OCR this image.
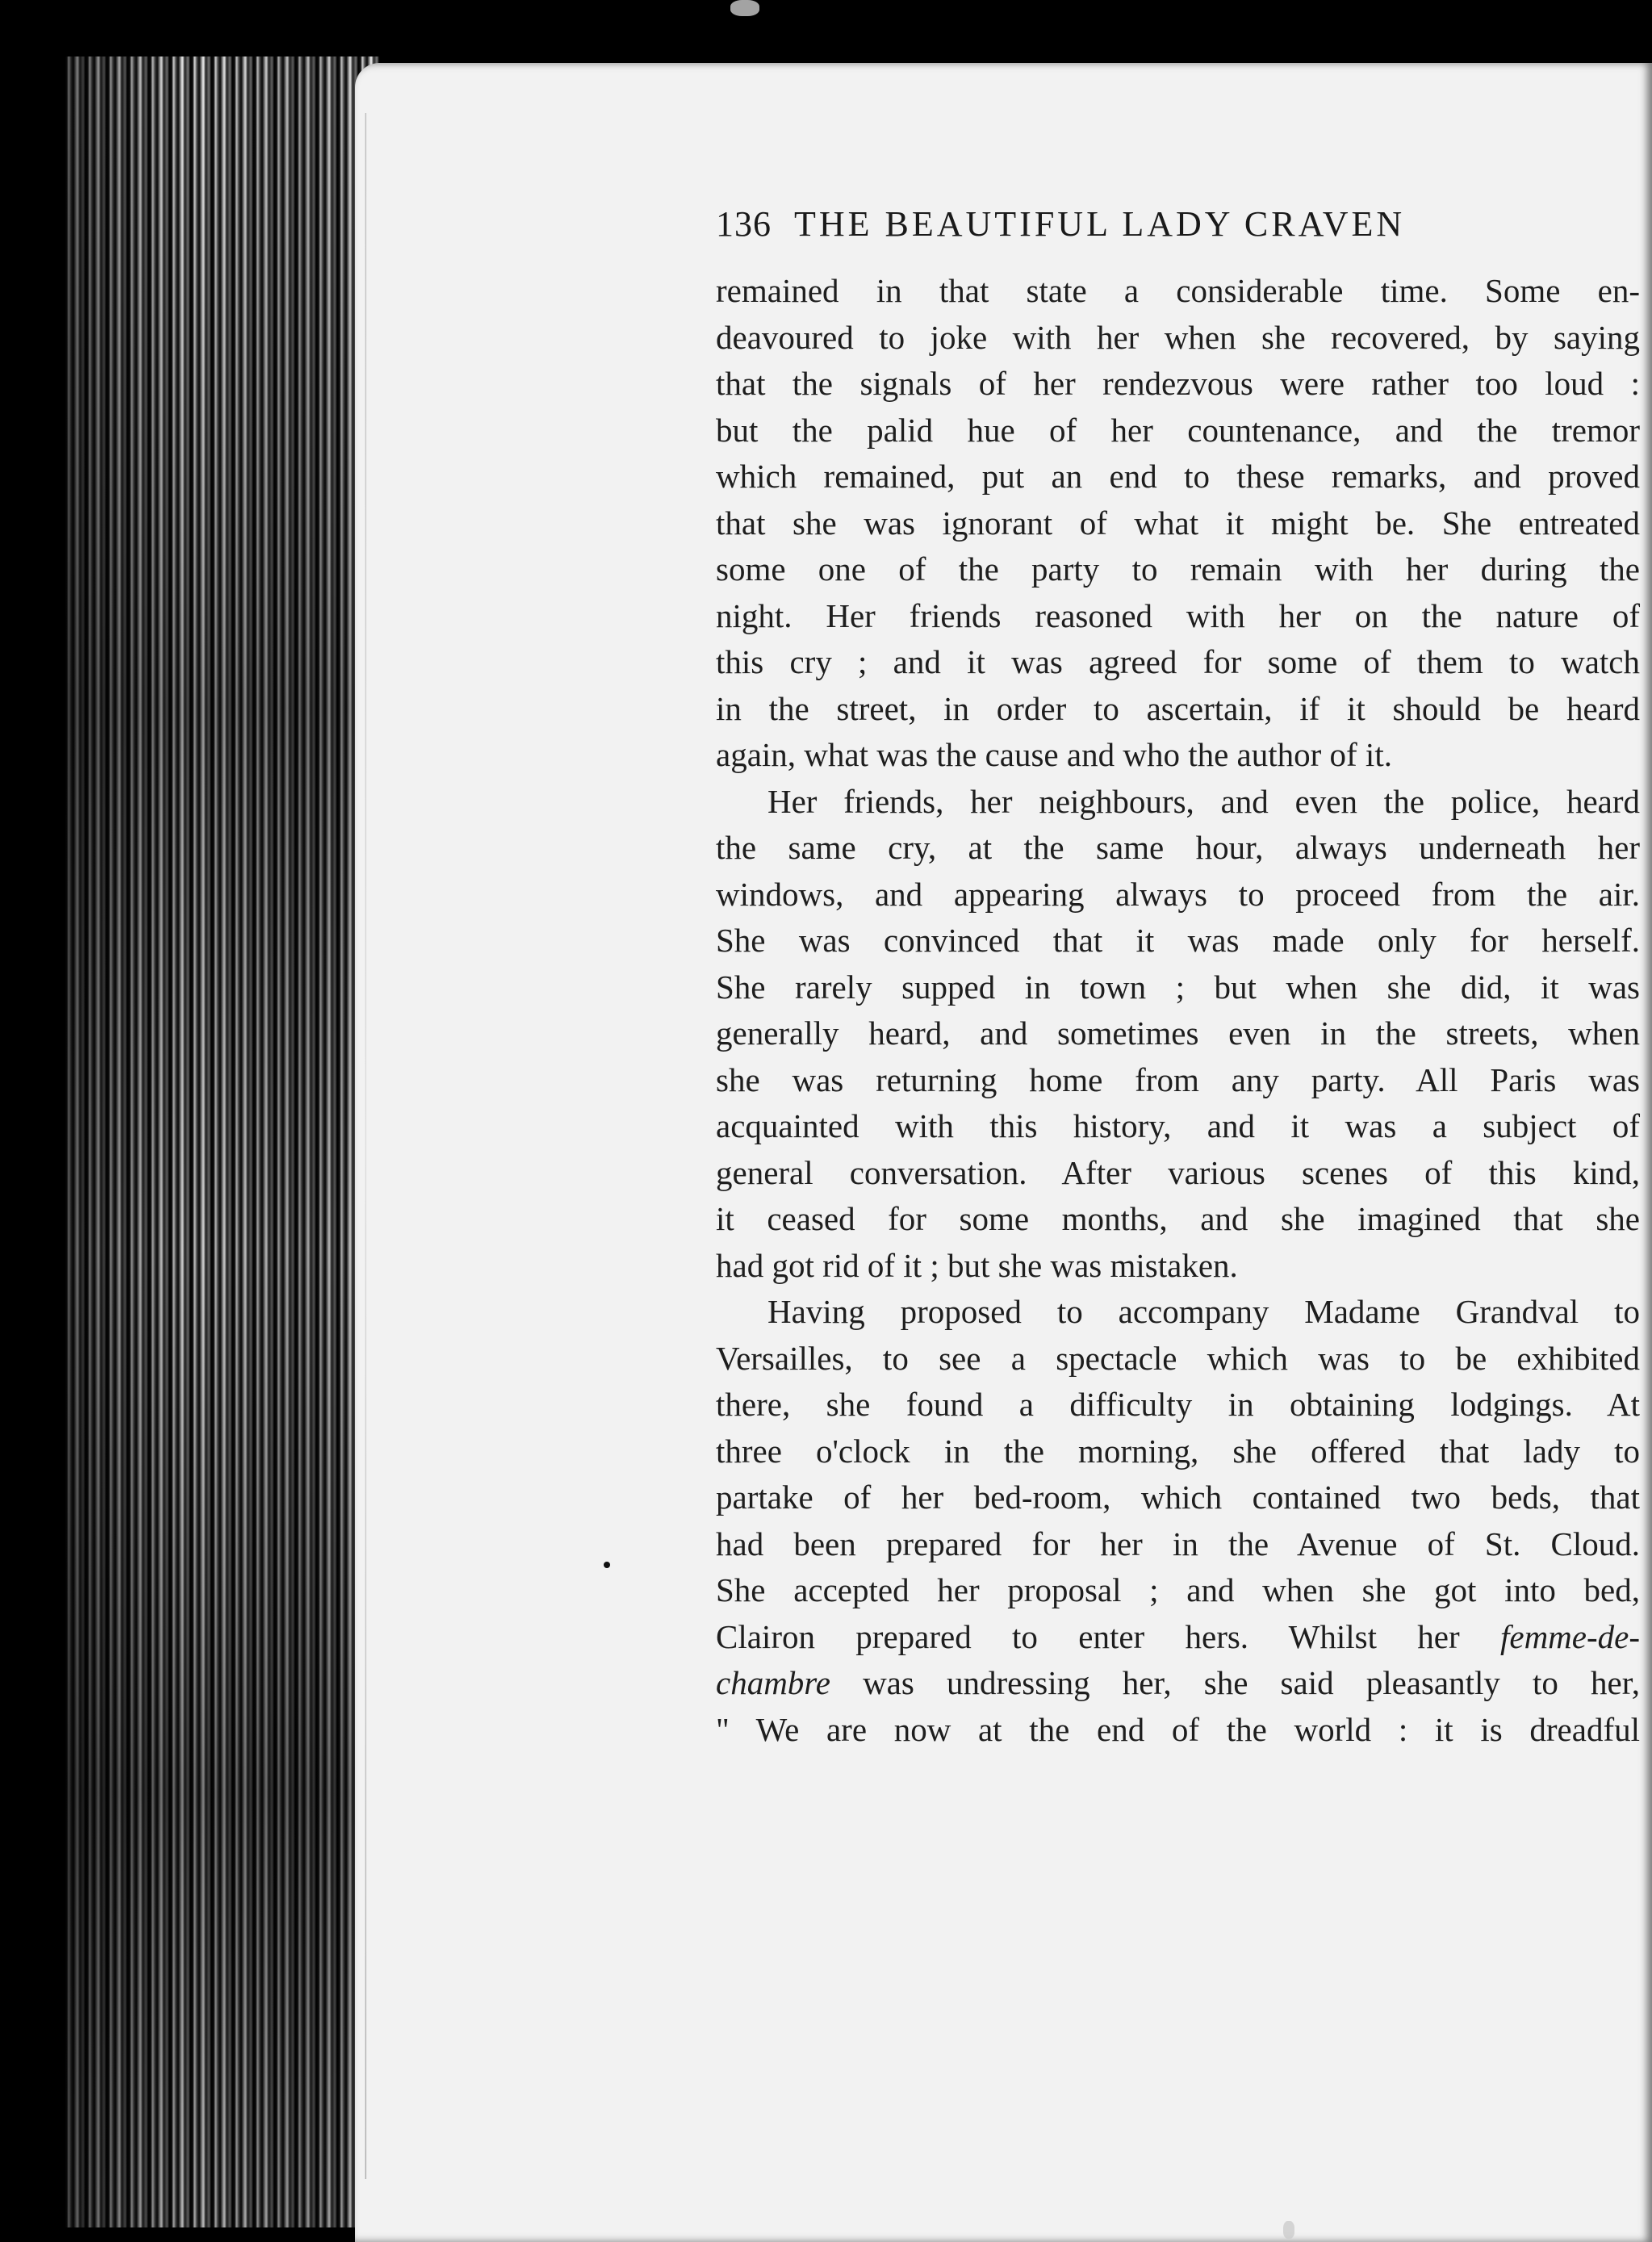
136 THE BEAUTIFUL LADY CRAVEN
remained in that state a considerable time. Some en-
deavoured to joke with her when she recovered, by saying
that the signals of her rendezvous were rather too loud :
but the palid hue of her countenance, and the tremor
which remained, put an end to these remarks, and proved
that she was ignorant of what it might be. She entreated
some one of the party to remain with her during the
night. Her friends reasoned with her on the nature of
this cry ; and it was agreed for some of them to watch
in the street, in order to ascertain, if it should be heard
again, what was the cause and who the author of it.
Her friends, her neighbours, and even the police, heard
the same cry, at the same hour, always underneath her
windows, and appearing always to proceed from the air.
She was convinced that it was made only for herself.
She rarely supped in town ; but when she did, it was
generally heard, and sometimes even in the streets, when
she was returning home from any party. All Paris was
acquainted with this history, and it was a subject of
general conversation. After various scenes of this kind,
it ceased for some months, and she imagined that she
had got rid of it ; but she was mistaken.
Having proposed to accompany Madame Grandval to
Versailles, to see a spectacle which was to be exhibited
there, she found a difficulty in obtaining lodgings. At
three o'clock in the morning, she offered that lady to
partake of her bed-room, which contained two beds, that
had been prepared for her in the Avenue of St. Cloud.
She accepted her proposal ; and when she got into bed,
Clairon prepared to enter hers. Whilst her femme-de-
chambre was undressing her, she said pleasantly to her,
" We are now at the end of the world : it is dreadful
